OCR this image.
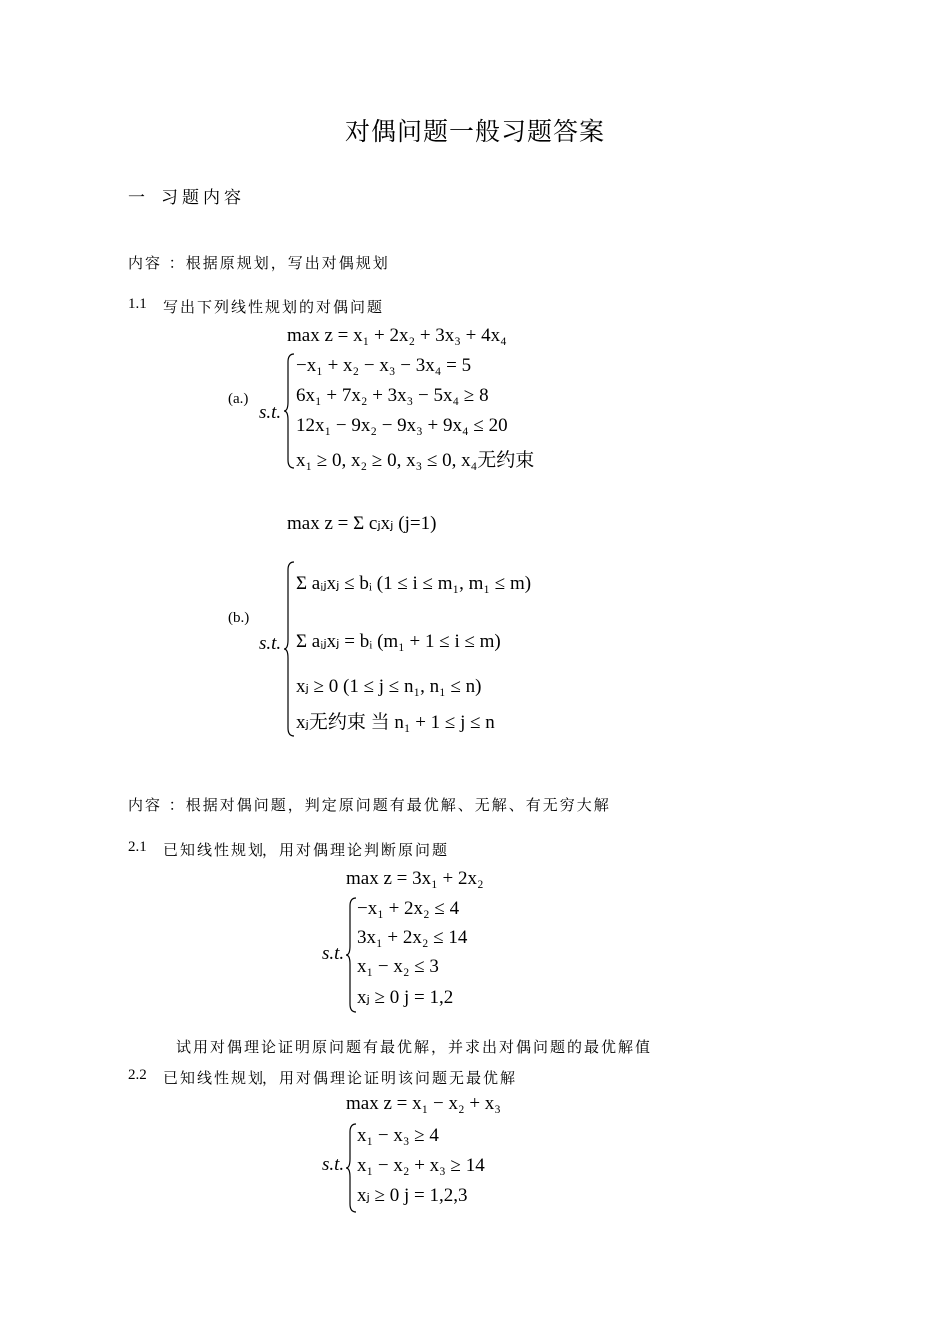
对偶问题一般习题答案
一 习题内容
内容 ：根据原规划，写出对偶规划
1.1 写出下列线性规划的对偶问题
max z = x₁ + 2x₂ + 3x₃ + 4x₄
(a.)
s.t.
−x₁ + x₂ − x₃ − 3x₄ = 5
6x₁ + 7x₂ + 3x₃ − 5x₄ ≥ 8
12x₁ − 9x₂ − 9x₃ + 9x₄ ≤ 20
x₁ ≥ 0, x₂ ≥ 0, x₃ ≤ 0, x₄无约束
max z = Σ cⱼxⱼ (j=1)
(b.)
s.t.
Σ aᵢⱼxⱼ ≤ bᵢ (1 ≤ i ≤ m₁, m₁ ≤ m)
Σ aᵢⱼxⱼ = bᵢ (m₁ + 1 ≤ i ≤ m)
xⱼ ≥ 0 (1 ≤ j ≤ n₁, n₁ ≤ n)
xⱼ无约束 当 n₁ + 1 ≤ j ≤ n
内容 ：根据对偶问题，判定原问题有最优解、无解、有无穷大解
2.1 已知线性规划
，用对偶理论判断原问题
max z = 3x₁ + 2x₂
s.t.
−x₁ + 2x₂ ≤ 4
3x₁ + 2x₂ ≤ 14
x₁ − x₂ ≤ 3
xⱼ ≥ 0 j = 1,2
试用对偶理论证明原问题有最优解，并求出对偶问题的最优解值
2.2 已知线性规划
，用对偶理论证明该问题无最优解
max z = x₁ − x₂ + x₃
s.t.
x₁ − x₃ ≥ 4
x₁ − x₂ + x₃ ≥ 14
xⱼ ≥ 0 j = 1,2,3
